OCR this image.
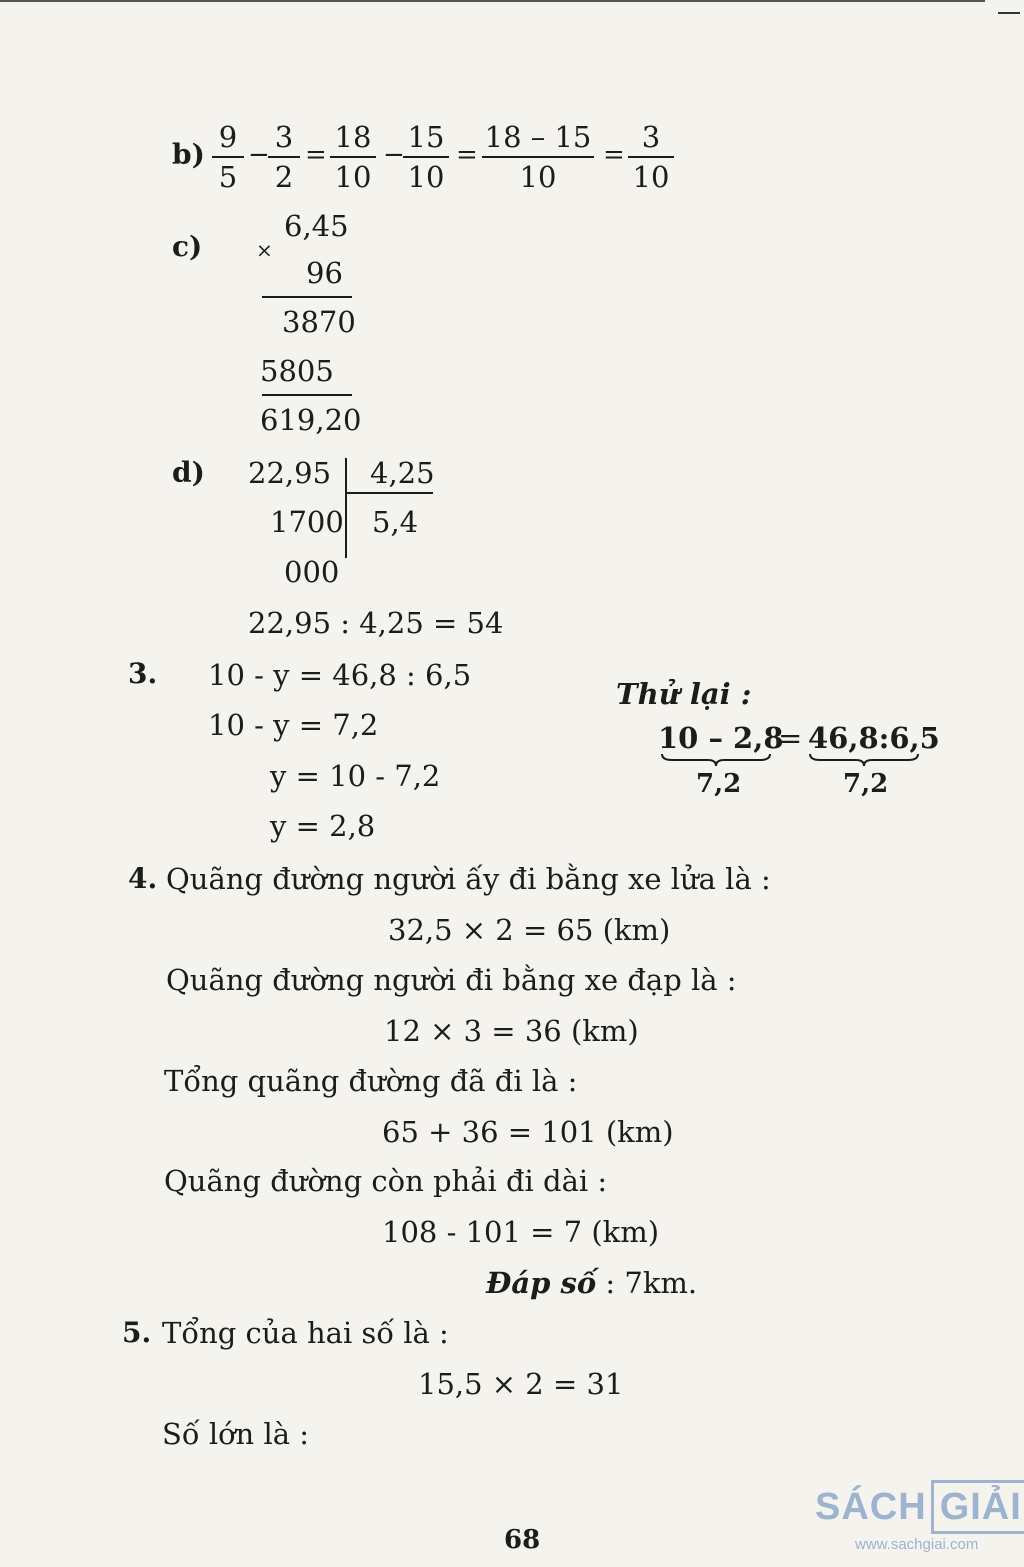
$b) \frac{9}{5}$ −
$\frac{3}{2} = \frac{18}{10}$ −
$\frac{15}{10} = \frac{18 - 15}{10} = \frac{3}{10}$
c)	×
6,45
96
3870
5805
619,20
d) 22,95 4,25
1700 5,4
000
22,95 : 4,25 = 54
3. 10 - y = 46,8 : 6,5
10 - y = 7,2
y = 10 - 7,2
y = 2,8
Thử lại :
10 – 2,8
= 46,8:6,5
7,2	7,2
4. Quãng đường người ấy đi bằng xe lửa là :
32,5 × 2 = 65 (km)
Quãng đường người đi bằng xe đạp là :
12 × 3 = 36 (km)
Tổng quãng đường đã đi là :
65 + 36 = 101 (km)
Quãng đường còn phải đi dài :
108 - 101 = 7 (km)
Đáp số : 7km.
5. Tổng của hai số là :
15,5 × 2 = 31
Số lớn là :
68
SÁCH GIẢI
www.sachgiai.com
